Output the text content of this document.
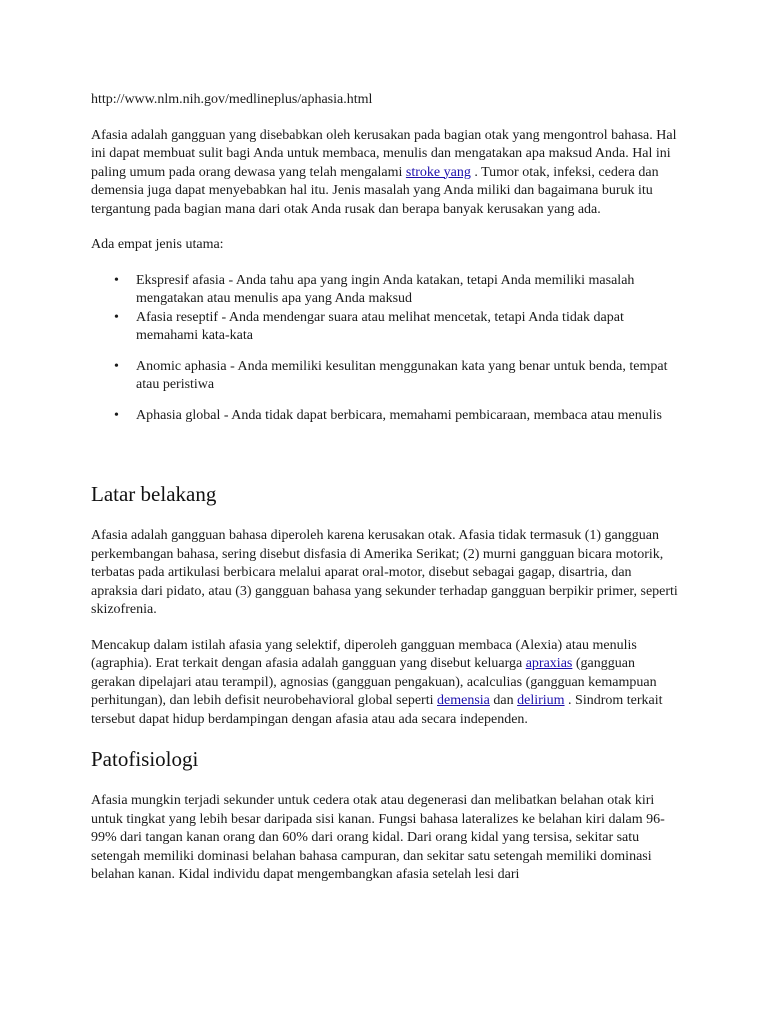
http://www.nlm.nih.gov/medlineplus/aphasia.html

Afasia adalah gangguan yang disebabkan oleh kerusakan pada bagian otak yang mengontrol bahasa. Hal ini dapat membuat sulit bagi Anda untuk membaca, menulis dan mengatakan apa maksud Anda. Hal ini paling umum pada orang dewasa yang telah mengalami stroke yang . Tumor otak, infeksi, cedera dan demensia juga dapat menyebabkan hal itu. Jenis masalah yang Anda miliki dan bagaimana buruk itu tergantung pada bagian mana dari otak Anda rusak dan berapa banyak kerusakan yang ada.

Ada empat jenis utama:

• Ekspresif afasia - Anda tahu apa yang ingin Anda katakan, tetapi Anda memiliki masalah mengatakan atau menulis apa yang Anda maksud
• Afasia reseptif - Anda mendengar suara atau melihat mencetak, tetapi Anda tidak dapat memahami kata-kata
• Anomic aphasia - Anda memiliki kesulitan menggunakan kata yang benar untuk benda, tempat atau peristiwa
• Aphasia global - Anda tidak dapat berbicara, memahami pembicaraan, membaca atau menulis
Latar belakang

Afasia adalah gangguan bahasa diperoleh karena kerusakan otak. Afasia tidak termasuk (1) gangguan perkembangan bahasa, sering disebut disfasia di Amerika Serikat; (2) murni gangguan bicara motorik, terbatas pada artikulasi berbicara melalui aparat oral-motor, disebut sebagai gagap, disartria, dan apraksia dari pidato, atau (3) gangguan bahasa yang sekunder terhadap gangguan berpikir primer, seperti skizofrenia.

Mencakup dalam istilah afasia yang selektif, diperoleh gangguan membaca (Alexia) atau menulis (agraphia). Erat terkait dengan afasia adalah gangguan yang disebut keluarga apraxias (gangguan gerakan dipelajari atau terampil), agnosias (gangguan pengakuan), acalculias (gangguan kemampuan perhitungan), dan lebih defisit neurobehavioral global seperti demensia dan delirium . Sindrom terkait tersebut dapat hidup berdampingan dengan afasia atau ada secara independen.

Patofisiologi

Afasia mungkin terjadi sekunder untuk cedera otak atau degenerasi dan melibatkan belahan otak kiri untuk tingkat yang lebih besar daripada sisi kanan. Fungsi bahasa lateralizes ke belahan kiri dalam 96-99% dari tangan kanan orang dan 60% dari orang kidal. Dari orang kidal yang tersisa, sekitar satu setengah memiliki dominasi belahan bahasa campuran, dan sekitar satu setengah memiliki dominasi belahan kanan. Kidal individu dapat mengembangkan afasia setelah lesi dari
